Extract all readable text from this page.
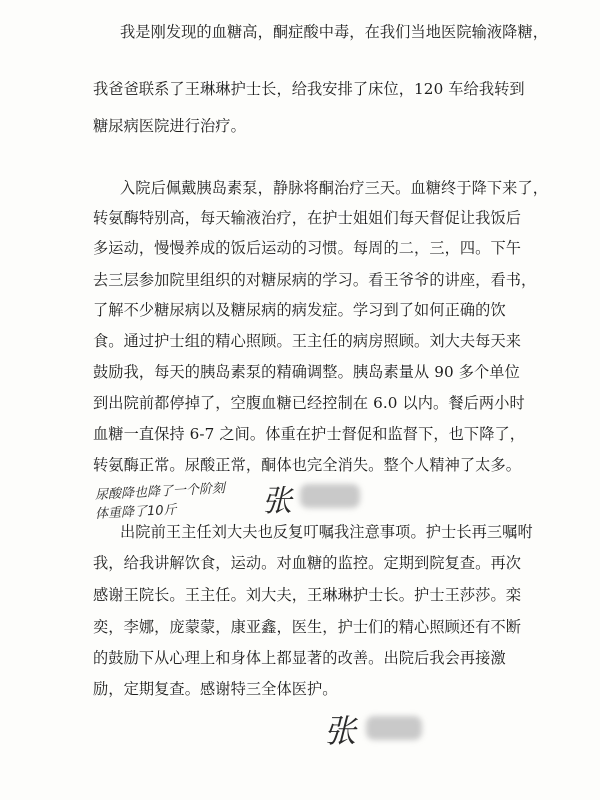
我是刚发现的血糖高，酮症酸中毒，在我们当地医院输液降糖，
我爸爸联系了王琳琳护士长，给我安排了床位，120 车给我转到
糖尿病医院进行治疗。
入院后佩戴胰岛素泵，静脉将酮治疗三天。血糖终于降下来了，
转氨酶特别高，每天输液治疗，在护士姐姐们每天督促让我饭后
多运动，慢慢养成的饭后运动的习惯。每周的二，三，四。下午
去三层参加院里组织的对糖尿病的学习。看王爷爷的讲座，看书，
了解不少糖尿病以及糖尿病的病发症。学习到了如何正确的饮
食。通过护士组的精心照顾。王主任的病房照顾。刘大夫每天来
鼓励我，每天的胰岛素泵的精确调整。胰岛素量从 90 多个单位
到出院前都停掉了，空腹血糖已经控制在 6.0 以内。餐后两小时
血糖一直保持 6-7 之间。体重在护士督促和监督下，也下降了，
转氨酶正常。尿酸正常，酮体也完全消失。整个人精神了太多。
尿酸降也降了一个阶刻
体重降了10斤	张
出院前王主任刘大夫也反复叮嘱我注意事项。护士长再三嘱咐
我，给我讲解饮食，运动。对血糖的监控。定期到院复查。再次
感谢王院长。王主任。刘大夫，王琳琳护士长。护士王莎莎。栾
奕，李娜，庞蒙蒙，康亚鑫，医生，护士们的精心照顾还有不断
的鼓励下从心理上和身体上都显著的改善。出院后我会再接激
励，定期复查。感谢特三全体医护。
张
